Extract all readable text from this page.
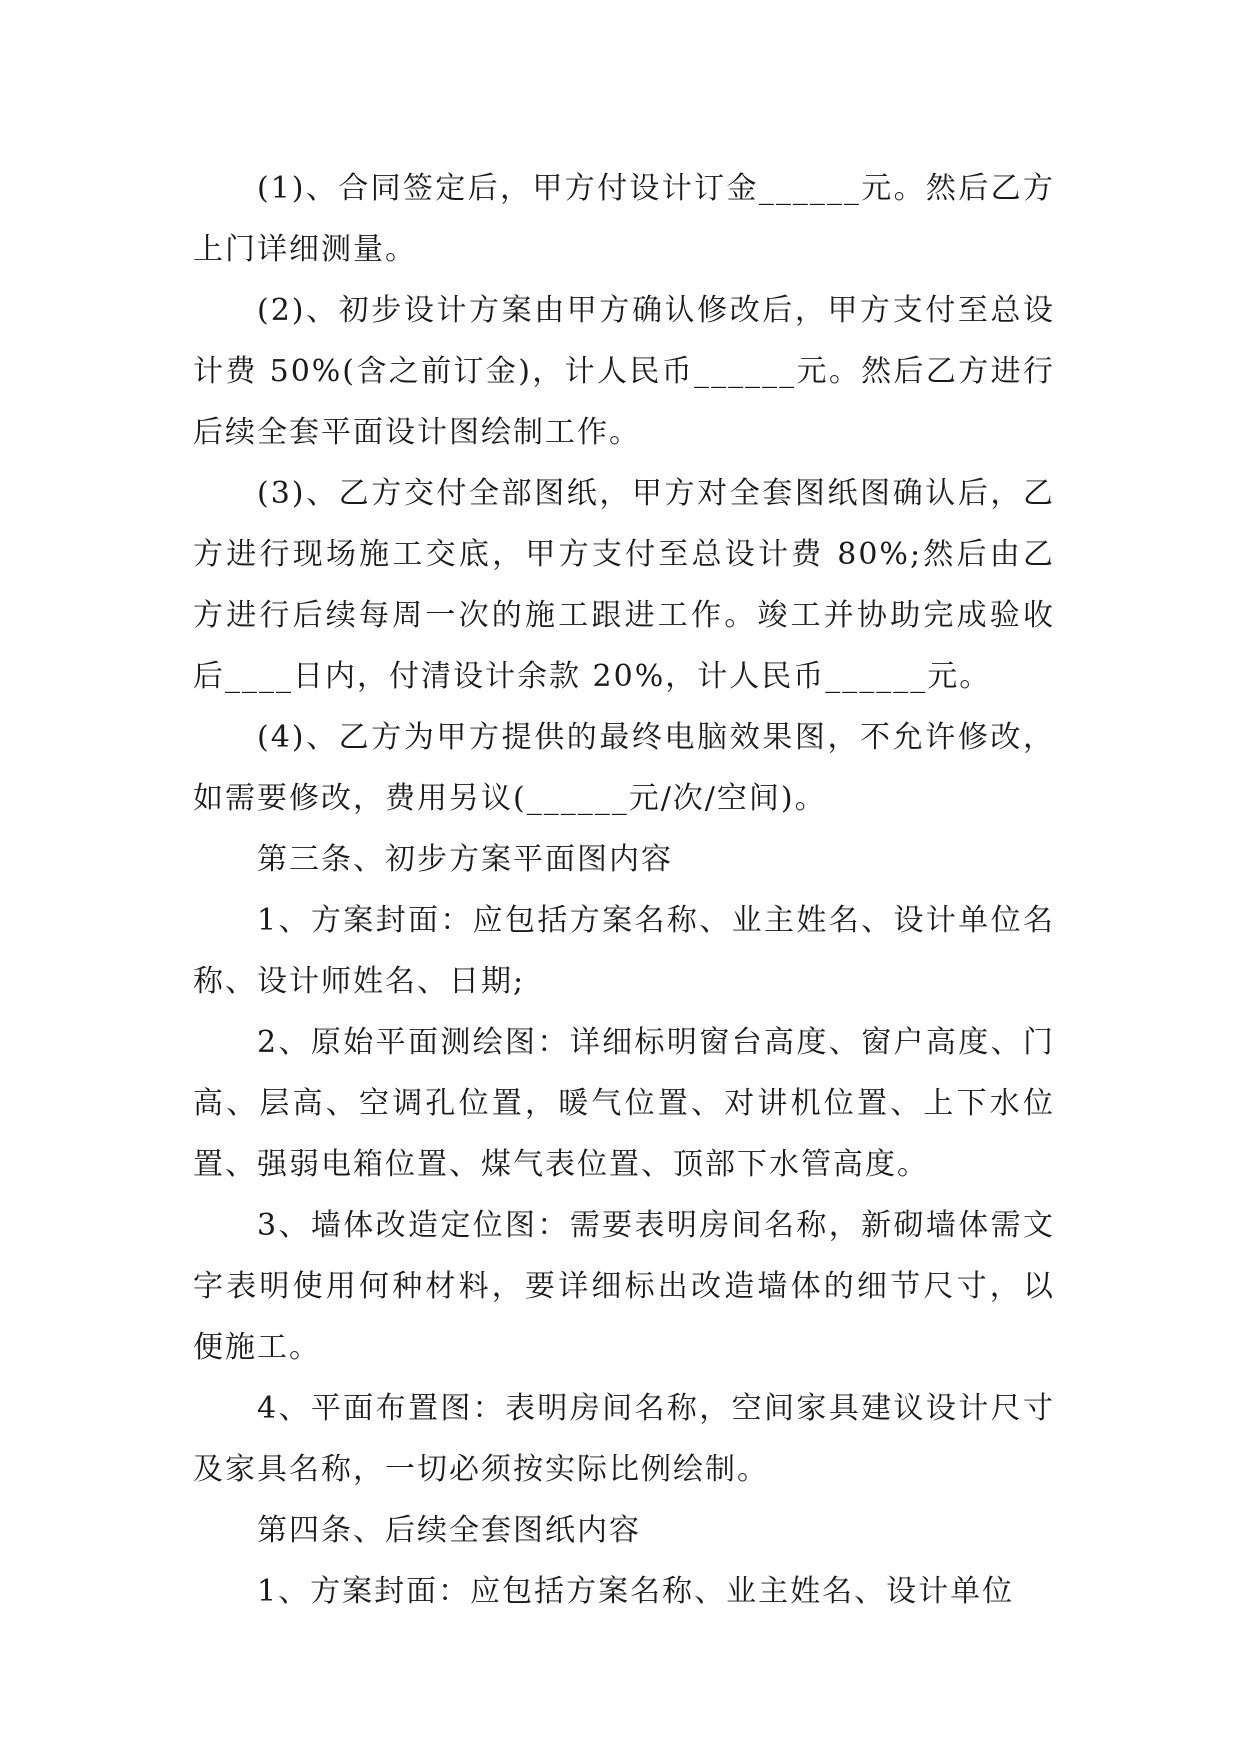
(1)、合同签定后，甲方付设计订金______元。然后乙方上门详细测量。

(2)、初步设计方案由甲方确认修改后，甲方支付至总设计费 50%(含之前订金)，计人民币______元。然后乙方进行后续全套平面设计图绘制工作。

(3)、乙方交付全部图纸，甲方对全套图纸图确认后，乙方进行现场施工交底，甲方支付至总设计费 80%;然后由乙方进行后续每周一次的施工跟进工作。竣工并协助完成验收后____日内，付清设计余款 20%，计人民币______元。

(4)、乙方为甲方提供的最终电脑效果图，不允许修改，如需要修改，费用另议(______元/次/空间)。

第三条、初步方案平面图内容

1、方案封面：应包括方案名称、业主姓名、设计单位名称、设计师姓名、日期;

2、原始平面测绘图：详细标明窗台高度、窗户高度、门高、层高、空调孔位置，暖气位置、对讲机位置、上下水位置、强弱电箱位置、煤气表位置、顶部下水管高度。

3、墙体改造定位图：需要表明房间名称，新砌墙体需文字表明使用何种材料，要详细标出改造墙体的细节尺寸，以便施工。

4、平面布置图：表明房间名称，空间家具建议设计尺寸及家具名称，一切必须按实际比例绘制。

第四条、后续全套图纸内容

1、方案封面：应包括方案名称、业主姓名、设计单位
